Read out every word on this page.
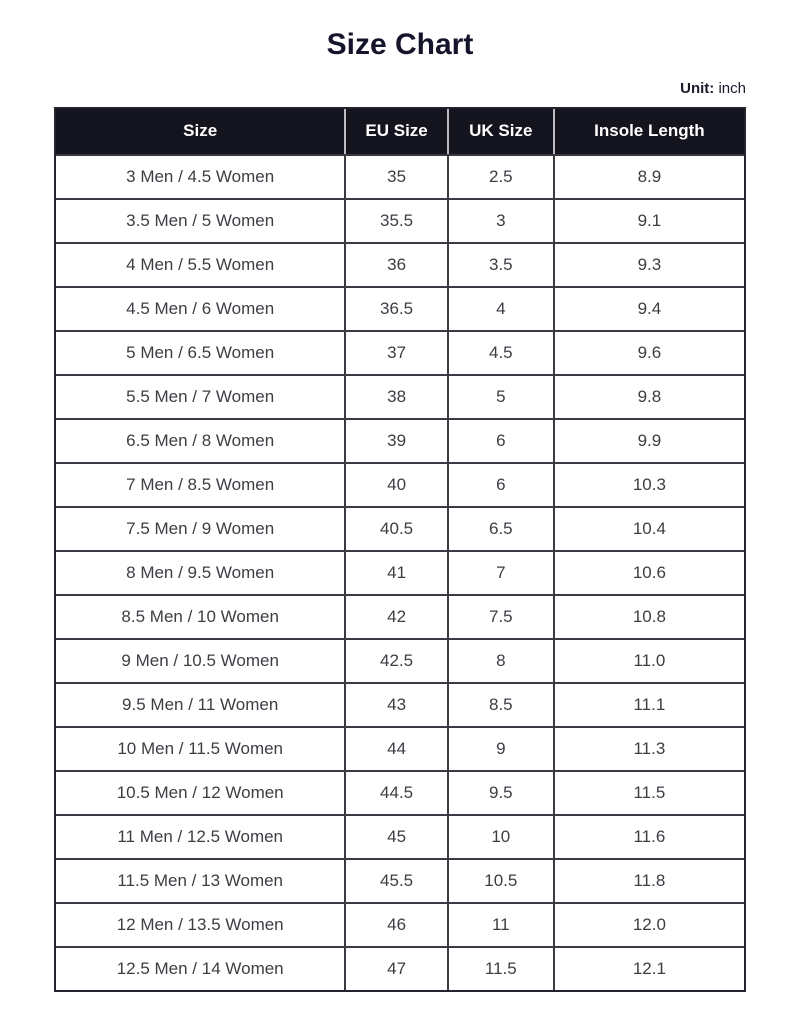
Size Chart
Unit: inch
Size	EU Size	UK Size	Insole Length
3 Men / 4.5 Women	35	2.5	8.9
3.5 Men / 5 Women	35.5	3	9.1
4 Men / 5.5 Women	36	3.5	9.3
4.5 Men / 6 Women	36.5	4	9.4
5 Men / 6.5 Women	37	4.5	9.6
5.5 Men / 7 Women	38	5	9.8
6.5 Men / 8 Women	39	6	9.9
7 Men / 8.5 Women	40	6	10.3
7.5 Men / 9 Women	40.5	6.5	10.4
8 Men / 9.5 Women	41	7	10.6
8.5 Men / 10 Women	42	7.5	10.8
9 Men / 10.5 Women	42.5	8	11.0
9.5 Men / 11 Women	43	8.5	11.1
10 Men / 11.5 Women	44	9	11.3
10.5 Men / 12 Women	44.5	9.5	11.5
11 Men / 12.5 Women	45	10	11.6
11.5 Men / 13 Women	45.5	10.5	11.8
12 Men / 13.5 Women	46	11	12.0
12.5 Men / 14 Women	47	11.5	12.1
